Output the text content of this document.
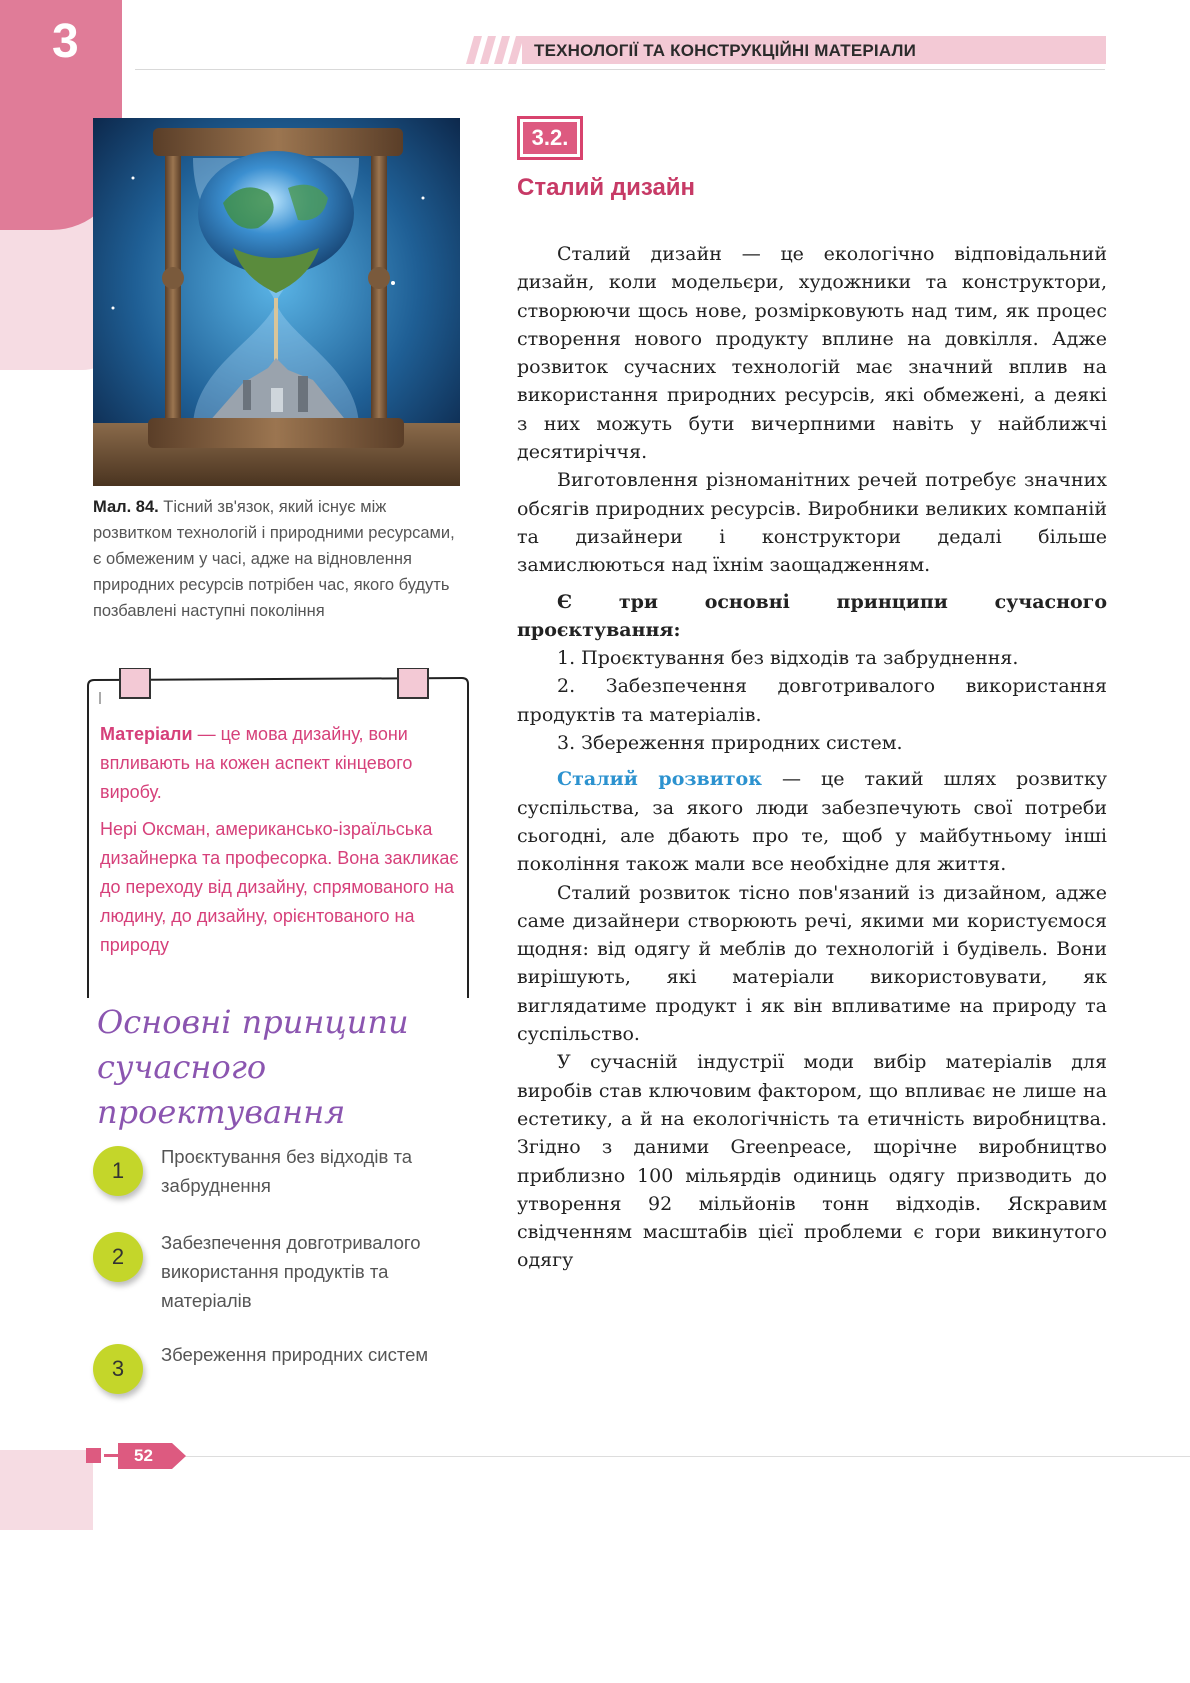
3	ТЕХНОЛОГІЇ ТА КОНСТРУКЦІЙНІ МАТЕРІАЛИ
Мал. 84. Тісний зв'язок, який існує між розвитком технологій і природними ресурсами, є обмеженим у часі, адже на відновлення природних ресурсів потрібен час, якого будуть позбавлені наступні покоління

Матеріали — це мова дизайну, вони впливають на кожен аспект кінцевого виробу.

Нері Оксман, американсько-ізраїльська дизайнерка та професорка. Вона закликає до переходу від дизайну, спрямованого на людину, до дизайну, орієнтованого на природу

Основні принципи сучасного проектування
1
Проєктування без відходів та забруднення
2
Забезпечення довготривалого використання продуктів та матеріалів
3
Збереження природних систем
3.2.
Сталий дизайн

Сталий дизайн — це екологічно відповідальний дизайн, коли модельєри, художники та конструктори, створюючи щось нове, розмірковують над тим, як процес створення нового продукту вплине на довкілля. Адже розвиток сучасних технологій має значний вплив на використання природних ресурсів, які обмежені, а деякі з них можуть бути вичерпними навіть у найближчі десятиріччя.

Виготовлення різноманітних речей потребує значних обсягів природних ресурсів. Виробники великих компаній та дизайнери і конструктори дедалі більше замислюються над їхнім заощадженням.

Є три основні принципи сучасного проєктування:

1. Проєктування без відходів та забруднення.

2. Забезпечення довготривалого використання продуктів та матеріалів.

3. Збереження природних систем.

Сталий розвиток — це такий шлях розвитку суспільства, за якого люди забезпечують свої потреби сьогодні, але дбають про те, щоб у майбутньому інші покоління також мали все необхідне для життя.

Сталий розвиток тісно пов'язаний із дизайном, адже саме дизайнери створюють речі, якими ми користуємося щодня: від одягу й меблів до технологій і будівель. Вони вирішують, які матеріали використовувати, як виглядатиме продукт і як він впливатиме на природу та суспільство.

У сучасній індустрії моди вибір матеріалів для виробів став ключовим фактором, що впливає не лише на естетику, а й на екологічність та етичність виробництва. Згідно з даними Greenpeace, щорічне виробництво приблизно 100 мільярдів одиниць одягу призводить до утворення 92 мільйонів тонн відходів. Яскравим свідченням масштабів цієї проблеми є гори викинутого одягу

52
